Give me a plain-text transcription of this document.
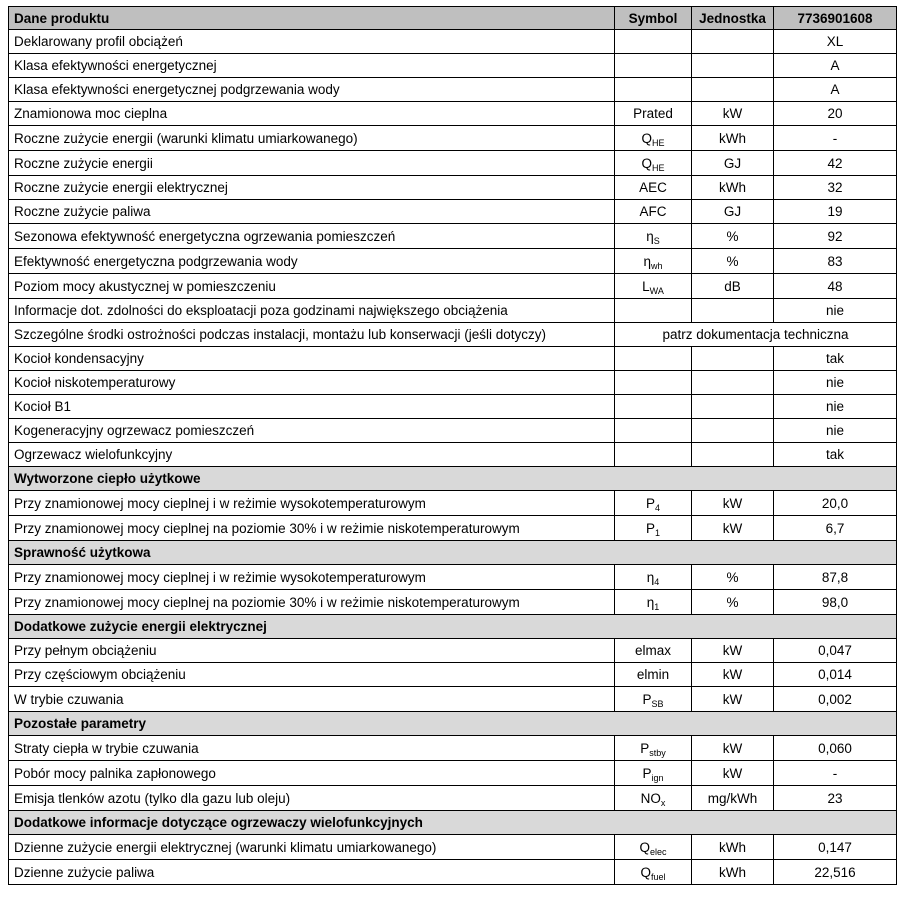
Dane produktu	Symbol	Jednostka	7736901608
Deklarowany profil obciążeń			XL
Klasa efektywności energetycznej			A
Klasa efektywności energetycznej podgrzewania wody			A
Znamionowa moc cieplna	Prated	kW	20
Roczne zużycie energii (warunki klimatu umiarkowanego)	$Q_{HE}$	kWh	-
Roczne zużycie energii	$Q_{HE}$	GJ	42
Roczne zużycie energii elektrycznej	AEC	kWh	32
Roczne zużycie paliwa	AFC	GJ	19
Sezonowa efektywność energetyczna ogrzewania pomieszczeń	$\eta_S$	%	92
Efektywność energetyczna podgrzewania wody	$\eta_{wh}$	%	83
Poziom mocy akustycznej w pomieszczeniu	$L_{WA}$	dB	48
Informacje dot. zdolności do eksploatacji poza godzinami największego obciążenia			nie
Szczególne środki ostrożności podczas instalacji, montażu lub konserwacji (jeśli dotyczy)	patrz dokumentacja techniczna		
Kocioł kondensacyjny			tak
Kocioł niskotemperaturowy			nie
Kocioł B1			nie
Kogeneracyjny ogrzewacz pomieszczeń			nie
Ogrzewacz wielofunkcyjny			tak
Wytworzone ciepło użytkowe			
Przy znamionowej mocy cieplnej i w reżimie wysokotemperaturowym	$P_4$	kW	20,0
Przy znamionowej mocy cieplnej na poziomie 30% i w reżimie niskotemperaturowym	$P_1$	kW	6,7
Sprawność użytkowa			
Przy znamionowej mocy cieplnej i w reżimie wysokotemperaturowym	$\eta_4$	%	87,8
Przy znamionowej mocy cieplnej na poziomie 30% i w reżimie niskotemperaturowym	$\eta_1$	%	98,0
Dodatkowe zużycie energii elektrycznej			
Przy pełnym obciążeniu	elmax	kW	0,047
Przy częściowym obciążeniu	elmin	kW	0,014
W trybie czuwania	$P_{SB}$	kW	0,002
Pozostałe parametry			
Straty ciepła w trybie czuwania	$P_{stby}$	kW	0,060
Pobór mocy palnika zapłonowego	$P_{ign}$	kW	-
Emisja tlenków azotu (tylko dla gazu lub oleju)	$NO_x$	mg/kWh	23
Dodatkowe informacje dotyczące ogrzewaczy wielofunkcyjnych			
Dzienne zużycie energii elektrycznej (warunki klimatu umiarkowanego)	$Q_{elec}$	kWh	0,147
Dzienne zużycie paliwa	$Q_{fuel}$	kWh	22,516
